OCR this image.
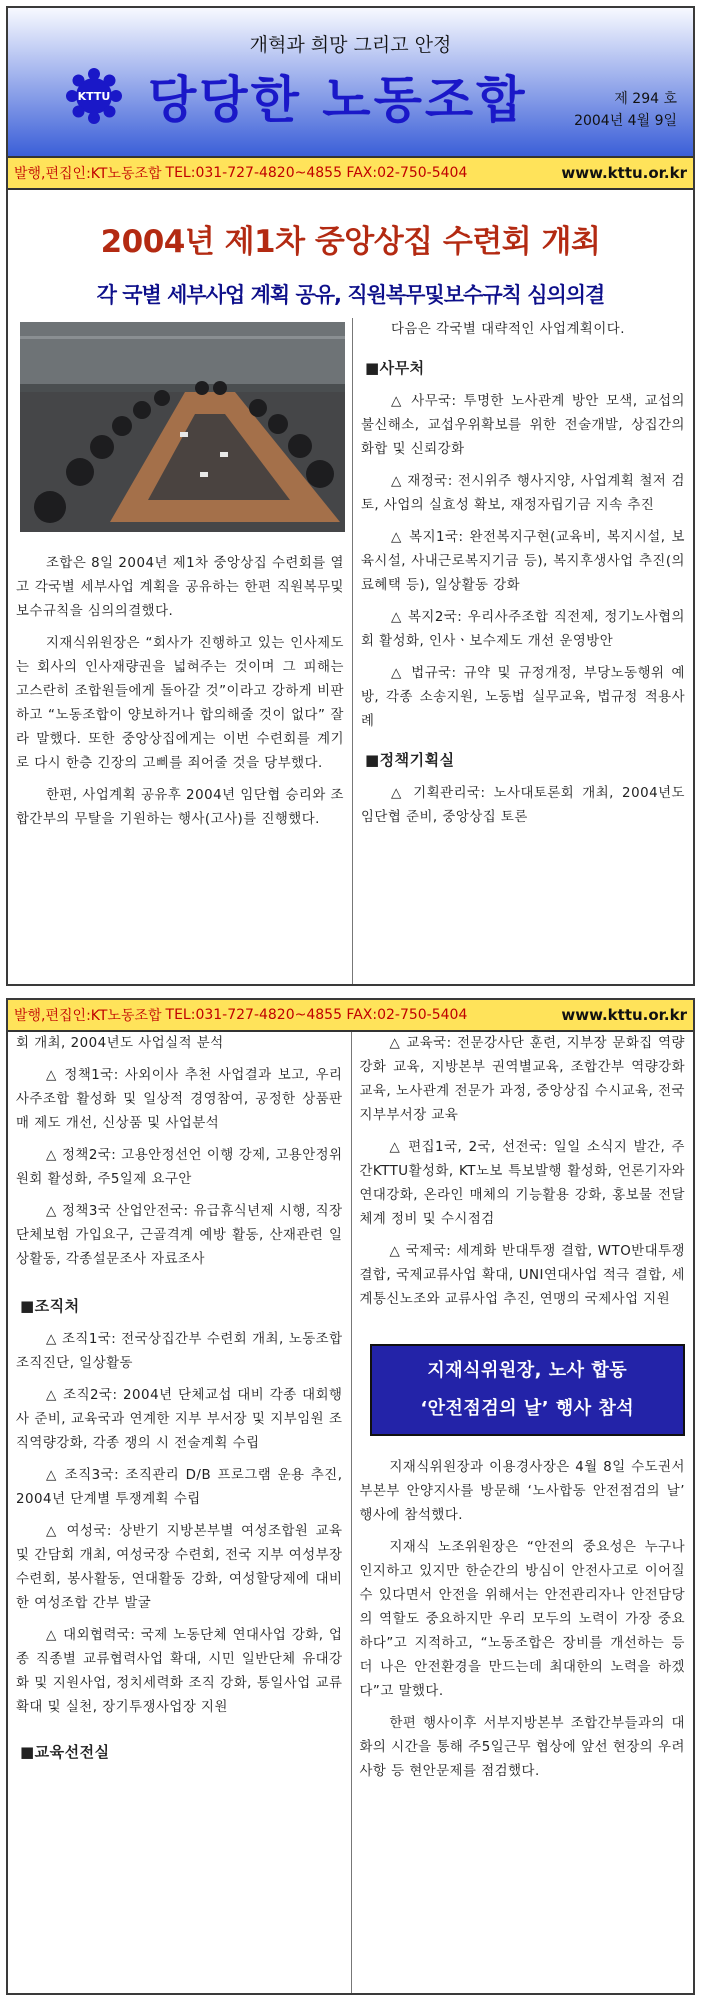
개혁과 희망 그리고 안정
KTTU 당당한 노동조합	제 294 호
2004년 4월 9일
발행,편집인:KT노동조합 TEL:031-727-4820~4855 FAX:02-750-5404	www.kttu.or.kr
2004년 제1차 중앙상집 수련회 개최
각 국별 세부사업 계획 공유, 직원복무및보수규칙 심의의결

조합은 8일 2004년 제1차 중앙상집 수련회를 열고 각국별 세부사업 계획을 공유하는 한편 직원복무및보수규칙을 심의의결했다.

지재식위원장은 “회사가 진행하고 있는 인사제도는 회사의 인사재량권을 넓혀주는 것이며 그 피해는 고스란히 조합원들에게 돌아갈 것”이라고 강하게 비판하고 “노동조합이 양보하거나 합의해줄 것이 없다” 잘라 말했다. 또한 중앙상집에게는 이번 수련회를 계기로 다시 한층 긴장의 고삐를 죄어줄 것을 당부했다.

한편, 사업계획 공유후 2004년 임단협 승리와 조합간부의 무탈을 기원하는 행사(고사)를 진행했다.

다음은 각국별 대략적인 사업계획이다.

■사무처

△ 사무국: 투명한 노사관계 방안 모색, 교섭의 불신해소, 교섭우위확보를 위한 전술개발, 상집간의 화합 및 신뢰강화

△ 재정국: 전시위주 행사지양, 사업계획 철저 검토, 사업의 실효성 확보, 재정자립기금 지속 추진

△ 복지1국: 완전복지구현(교육비, 복지시설, 보육시설, 사내근로복지기금 등), 복지후생사업 추진(의료혜택 등), 일상활동 강화

△ 복지2국: 우리사주조합 직전제, 정기노사협의회 활성화, 인사ㆍ보수제도 개선 운영방안

△ 법규국: 규약 및 규정개정, 부당노동행위 예방, 각종 소송지원, 노동법 실무교육, 법규정 적용사례

■정책기획실

△ 기획관리국: 노사대토론회 개최, 2004년도 임단협 준비, 중앙상집 토론

발행,편집인:KT노동조합 TEL:031-727-4820~4855 FAX:02-750-5404	www.kttu.or.kr

회 개최, 2004년도 사업실적 분석

△ 정책1국: 사외이사 추천 사업결과 보고, 우리사주조합 활성화 및 일상적 경영참여, 공정한 상품판매 제도 개선, 신상품 및 사업분석

△ 정책2국: 고용안정선언 이행 강제, 고용안정위원회 활성화, 주5일제 요구안

△ 정책3국 산업안전국: 유급휴식년제 시행, 직장단체보험 가입요구, 근골격계 예방 활동, 산재관련 일상활동, 각종설문조사 자료조사

■조직처

△ 조직1국: 전국상집간부 수련회 개최, 노동조합 조직진단, 일상활동

△ 조직2국: 2004년 단체교섭 대비 각종 대회행사 준비, 교육국과 연계한 지부 부서장 및 지부임원 조직역량강화, 각종 쟁의 시 전술계획 수립

△ 조직3국: 조직관리 D/B 프로그램 운용 추진, 2004년 단계별 투쟁계획 수립

△ 여성국: 상반기 지방본부별 여성조합원 교육 및 간담회 개최, 여성국장 수련회, 전국 지부 여성부장 수련회, 봉사활동, 연대활동 강화, 여성할당제에 대비한 여성조합 간부 발굴

△ 대외협력국: 국제 노동단체 연대사업 강화, 업종 직종별 교류협력사업 확대, 시민 일반단체 유대강화 및 지원사업, 정치세력화 조직 강화, 통일사업 교류 확대 및 실천, 장기투쟁사업장 지원

■교육선전실

△ 교육국: 전문강사단 훈련, 지부장 문화집 역량강화 교육, 지방본부 권역별교육, 조합간부 역량강화 교육, 노사관계 전문가 과정, 중앙상집 수시교육, 전국지부부서장 교육

△ 편집1국, 2국, 선전국: 일일 소식지 발간, 주간KTTU활성화, KT노보 특보발행 활성화, 언론기자와 연대강화, 온라인 매체의 기능활용 강화, 홍보물 전달체계 정비 및 수시점검

△ 국제국: 세계화 반대투쟁 결합, WTO반대투쟁 결합, 국제교류사업 확대, UNI연대사업 적극 결합, 세계통신노조와 교류사업 추진, 연맹의 국제사업 지원

지재식위원장, 노사 합동
‘안전점검의 날’ 행사 참석

지재식위원장과 이용경사장은 4월 8일 수도권서부본부 안양지사를 방문해 ‘노사합동 안전점검의 날’ 행사에 참석했다.

지재식 노조위원장은 “안전의 중요성은 누구나 인지하고 있지만 한순간의 방심이 안전사고로 이어질수 있다면서 안전을 위해서는 안전관리자나 안전담당의 역할도 중요하지만 우리 모두의 노력이 가장 중요하다”고 지적하고, “노동조합은 장비를 개선하는 등 더 나은 안전환경을 만드는데 최대한의 노력을 하겠다”고 말했다.

한편 행사이후 서부지방본부 조합간부들과의 대화의 시간을 통해 주5일근무 협상에 앞선 현장의 우려사항 등 현안문제를 점검했다.
